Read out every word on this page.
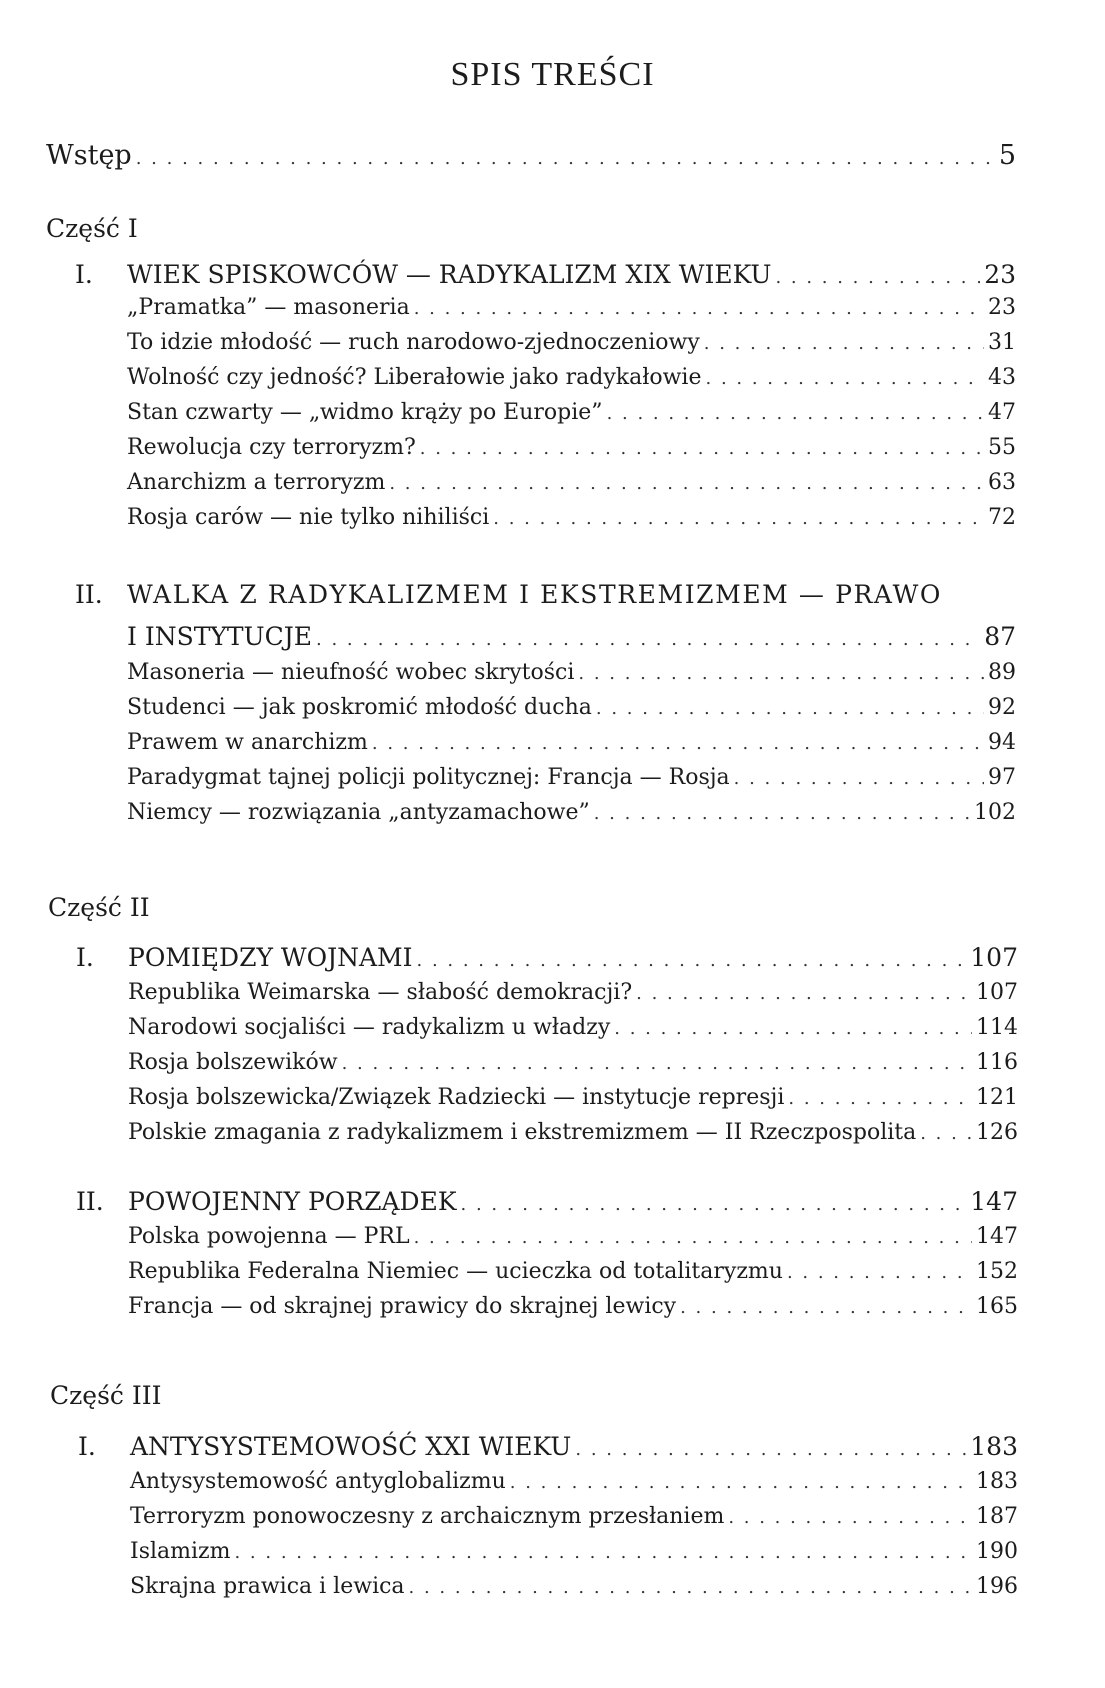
SPIS TREŚCI
Wstęp . . .	5
Część I
I. WIEK SPISKOWCÓW — RADYKALIZM XIX WIEKU . . .	23
„Pramatka” — masoneria . . .	23
To idzie młodość — ruch narodowo-zjednoczeniowy . . .	31
Wolność czy jedność? Liberałowie jako radykałowie . . .	43
Stan czwarty — „widmo krąży po Europie” . . .	47
Rewolucja czy terroryzm? . . .	55
Anarchizm a terroryzm . . .	63
Rosja carów — nie tylko nihiliści . . .	72
II. WALKA Z RADYKALIZMEM I EKSTREMIZMEM — PRAWO
I INSTYTUCJE . . .	87
Masoneria — nieufność wobec skrytości . . .	89
Studenci — jak poskromić młodość ducha . . .	92
Prawem w anarchizm . . .	94
Paradygmat tajnej policji politycznej: Francja — Rosja . . .	97
Niemcy — rozwiązania „antyzamachowe” . . .	102
Część II
I. POMIĘDZY WOJNAMI . . .	107
Republika Weimarska — słabość demokracji? . . .	107
Narodowi socjaliści — radykalizm u władzy . . .	114
Rosja bolszewików . . .	116
Rosja bolszewicka/Związek Radziecki — instytucje represji . . .	121
Polskie zmagania z radykalizmem i ekstremizmem — II Rzeczpospolita . . .	126
II. POWOJENNY PORZĄDEK . . .	147
Polska powojenna — PRL . . .	147
Republika Federalna Niemiec — ucieczka od totalitaryzmu . . .	152
Francja — od skrajnej prawicy do skrajnej lewicy . . .	165
Część III
I. ANTYSYSTEMOWOŚĆ XXI WIEKU . . .	183
Antysystemowość antyglobalizmu . . .	183
Terroryzm ponowoczesny z archaicznym przesłaniem . . .	187
Islamizm . . .	190
Skrajna prawica i lewica . . .	196
